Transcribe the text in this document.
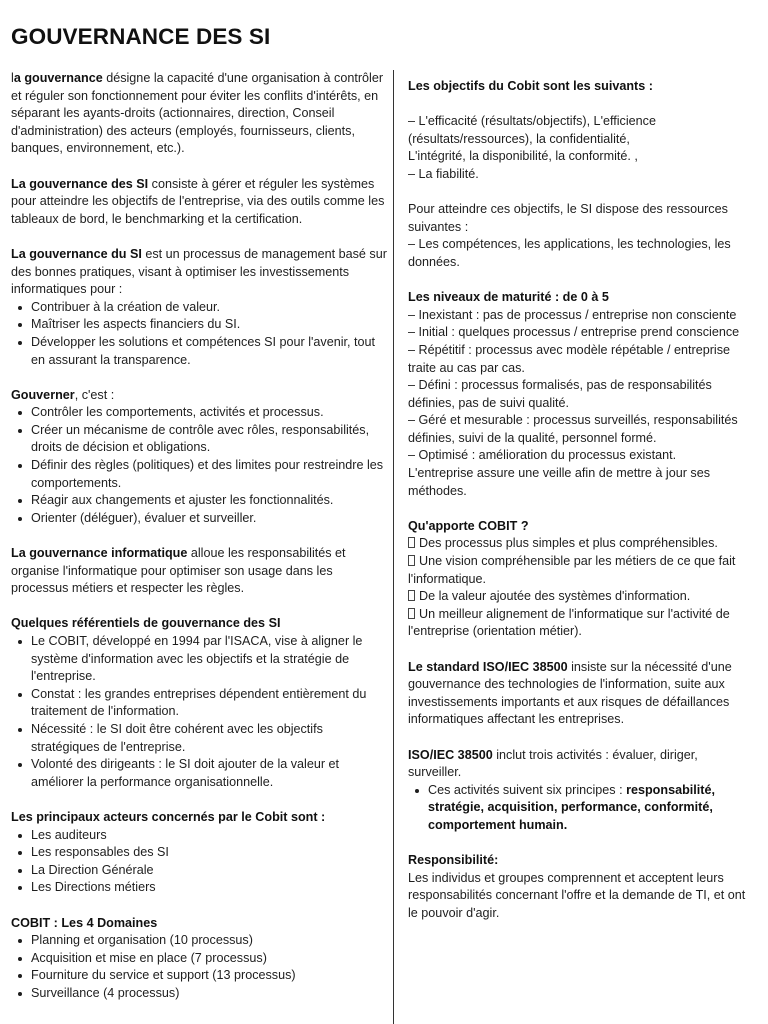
GOUVERNANCE DES SI

la gouvernance désigne la capacité d'une organisation à contrôler et réguler son fonctionnement pour éviter les conflits d'intérêts, en séparant les ayants-droits (actionnaires, direction, Conseil d'administration) des acteurs (employés, fournisseurs, clients, banques, environnement, etc.).

La gouvernance des SI consiste à gérer et réguler les systèmes pour atteindre les objectifs de l'entreprise, via des outils comme les tableaux de bord, le benchmarking et la certification.

La gouvernance du SI est un processus de management basé sur des bonnes pratiques, visant à optimiser les investissements informatiques pour :

Contribuer à la création de valeur.
Maîtriser les aspects financiers du SI.
Développer les solutions et compétences SI pour l'avenir, tout en assurant la transparence.

Gouverner, c'est :

Contrôler les comportements, activités et processus.
Créer un mécanisme de contrôle avec rôles, responsabilités, droits de décision et obligations.
Définir des règles (politiques) et des limites pour restreindre les comportements.
Réagir aux changements et ajuster les fonctionnalités.
Orienter (déléguer), évaluer et surveiller.

La gouvernance informatique alloue les responsabilités et organise l'informatique pour optimiser son usage dans les processus métiers et respecter les règles.

Quelques référentiels de gouvernance des SI

Le COBIT, développé en 1994 par l'ISACA, vise à aligner le système d'information avec les objectifs et la stratégie de l'entreprise.
Constat : les grandes entreprises dépendent entièrement du traitement de l'information.
Nécessité : le SI doit être cohérent avec les objectifs stratégiques de l'entreprise.
Volonté des dirigeants : le SI doit ajouter de la valeur et améliorer la performance organisationnelle.

Les principaux acteurs concernés par le Cobit sont :

Les auditeurs
Les responsables des SI
La Direction Générale
Les Directions métiers

COBIT : Les 4 Domaines

Planning et organisation (10 processus)
Acquisition et mise en place (7 processus)
Fourniture du service et support (13 processus)
Surveillance (4 processus)

Les objectifs du Cobit sont les suivants :

– L'efficacité (résultats/objectifs), L'efficience (résultats/ressources), la confidentialité,

L'intégrité, la disponibilité, la conformité. ,

– La fiabilité.

Pour atteindre ces objectifs, le SI dispose des ressources suivantes :

– Les compétences, les applications, les technologies, les données.

Les niveaux de maturité : de 0 à 5

– Inexistant : pas de processus / entreprise non consciente

– Initial : quelques processus / entreprise prend conscience

– Répétitif : processus avec modèle répétable / entreprise traite au cas par cas.

– Défini : processus formalisés, pas de responsabilités définies, pas de suivi qualité.

– Géré et mesurable : processus surveillés, responsabilités définies, suivi de la qualité, personnel formé.

– Optimisé : amélioration du processus existant.

L'entreprise assure une veille afin de mettre à jour ses méthodes.

Qu'apporte COBIT ?

Des processus plus simples et plus compréhensibles.

Une vision compréhensible par les métiers de ce que fait l'informatique.

De la valeur ajoutée des systèmes d'information.

Un meilleur alignement de l'informatique sur l'activité de l'entreprise (orientation métier).

Le standard ISO/IEC 38500 insiste sur la nécessité d'une gouvernance des technologies de l'information, suite aux investissements importants et aux risques de défaillances informatiques affectant les entreprises.

ISO/IEC 38500 inclut trois activités : évaluer, diriger, surveiller.

Ces activités suivent six principes : responsabilité, stratégie, acquisition, performance, conformité, comportement humain.

Responsibilité:

Les individus et groupes comprennent et acceptent leurs responsabilités concernant l'offre et la demande de TI, et ont le pouvoir d'agir.
